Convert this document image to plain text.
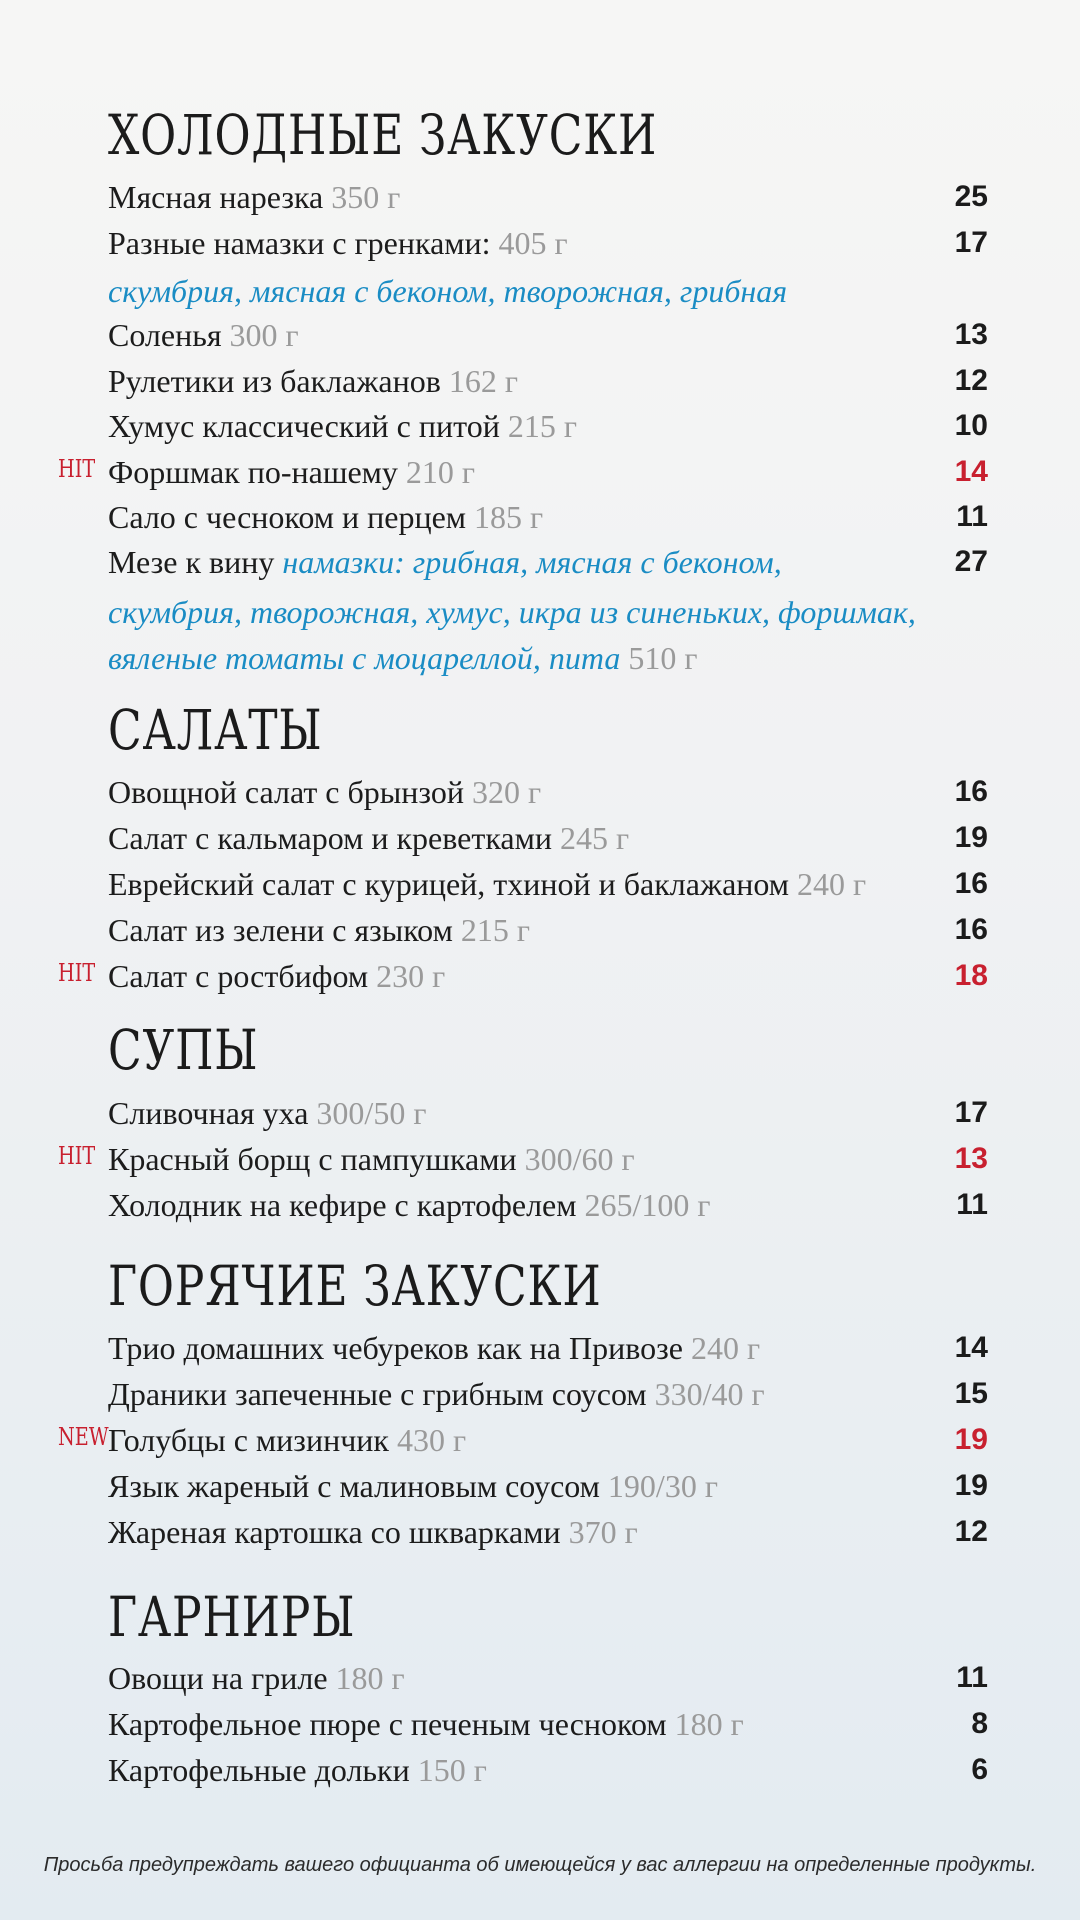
ХОЛОДНЫЕ ЗАКУСКИ
Мясная нарезка 350 г	25
Разные намазки с гренками: 405 г	17
скумбрия, мясная с беконом, творожная, грибная
Соленья 300 г	13
Рулетики из баклажанов 162 г	12
Хумус классический с питой 215 г	10
HIT Форшмак по-нашему 210 г	14
Сало с чесноком и перцем 185 г	11
Мезе к вину намазки: грибная, мясная с беконом,	27
скумбрия, творожная, хумус, икра из синеньких, форшмак,
вяленые томаты с моцареллой, пита 510 г
САЛАТЫ
Овощной салат с брынзой 320 г	16
Салат с кальмаром и креветками 245 г	19
Еврейский салат с курицей, тхиной и баклажаном 240 г	16
Салат из зелени с языком 215 г	16
HIT Салат с ростбифом 230 г	18
СУПЫ
Сливочная уха 300/50 г	17
HIT Красный борщ с пампушками 300/60 г	13
Холодник на кефире с картофелем 265/100 г	11
ГОРЯЧИЕ ЗАКУСКИ
Трио домашних чебуреков как на Привозе 240 г	14
Драники запеченные с грибным соусом 330/40 г	15
NEW Голубцы с мизинчик 430 г	19
Язык жареный с малиновым соусом 190/30 г	19
Жареная картошка со шкварками 370 г	12
ГАРНИРЫ
Овощи на гриле 180 г	11
Картофельное пюре с печеным чесноком 180 г	8
Картофельные дольки 150 г	6
Просьба предупреждать вашего официанта об имеющейся у вас аллергии на определенные продукты.
